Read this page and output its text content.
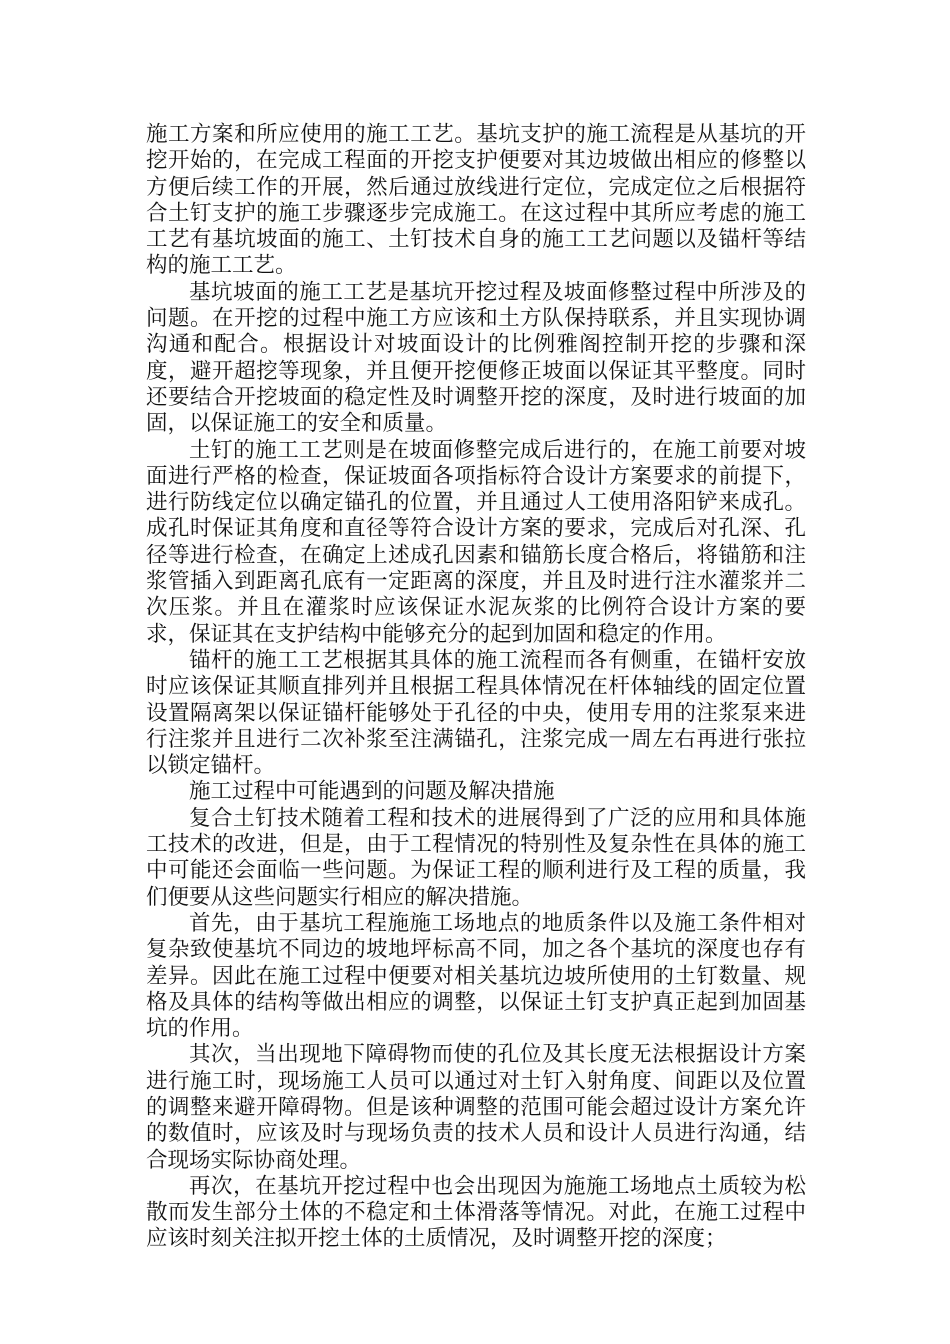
施工方案和所应使用的施工工艺。基坑支护的施工流程是从基坑的开挖开始的，在完成工程面的开挖支护便要对其边坡做出相应的修整以方便后续工作的开展，然后通过放线进行定位，完成定位之后根据符合土钉支护的施工步骤逐步完成施工。在这过程中其所应考虑的施工工艺有基坑坡面的施工、土钉技术自身的施工工艺问题以及锚杆等结构的施工工艺。

基坑坡面的施工工艺是基坑开挖过程及坡面修整过程中所涉及的问题。在开挖的过程中施工方应该和土方队保持联系，并且实现协调沟通和配合。根据设计对坡面设计的比例雅阁控制开挖的步骤和深度，避开超挖等现象，并且便开挖便修正坡面以保证其平整度。同时还要结合开挖坡面的稳定性及时调整开挖的深度，及时进行坡面的加固，以保证施工的安全和质量。

土钉的施工工艺则是在坡面修整完成后进行的，在施工前要对坡面进行严格的检查，保证坡面各项指标符合设计方案要求的前提下，进行防线定位以确定锚孔的位置，并且通过人工使用洛阳铲来成孔。成孔时保证其角度和直径等符合设计方案的要求，完成后对孔深、孔径等进行检查，在确定上述成孔因素和锚筋长度合格后，将锚筋和注浆管插入到距离孔底有一定距离的深度，并且及时进行注水灌浆并二次压浆。并且在灌浆时应该保证水泥灰浆的比例符合设计方案的要求，保证其在支护结构中能够充分的起到加固和稳定的作用。

锚杆的施工工艺根据其具体的施工流程而各有侧重，在锚杆安放时应该保证其顺直排列并且根据工程具体情况在杆体轴线的固定位置设置隔离架以保证锚杆能够处于孔径的中央，使用专用的注浆泵来进行注浆并且进行二次补浆至注满锚孔，注浆完成一周左右再进行张拉以锁定锚杆。

施工过程中可能遇到的问题及解决措施

复合土钉技术随着工程和技术的进展得到了广泛的应用和具体施工技术的改进，但是，由于工程情况的特别性及复杂性在具体的施工中可能还会面临一些问题。为保证工程的顺利进行及工程的质量，我们便要从这些问题实行相应的解决措施。

首先，由于基坑工程施施工场地点的地质条件以及施工条件相对复杂致使基坑不同边的坡地坪标高不同，加之各个基坑的深度也存有差异。因此在施工过程中便要对相关基坑边坡所使用的土钉数量、规格及具体的结构等做出相应的调整，以保证土钉支护真正起到加固基坑的作用。

其次，当出现地下障碍物而使的孔位及其长度无法根据设计方案进行施工时，现场施工人员可以通过对土钉入射角度、间距以及位置的调整来避开障碍物。但是该种调整的范围可能会超过设计方案允许的数值时，应该及时与现场负责的技术人员和设计人员进行沟通，结合现场实际协商处理。

再次，在基坑开挖过程中也会出现因为施施工场地点土质较为松散而发生部分土体的不稳定和土体滑落等情况。对此，在施工过程中应该时刻关注拟开挖土体的土质情况，及时调整开挖的深度；
